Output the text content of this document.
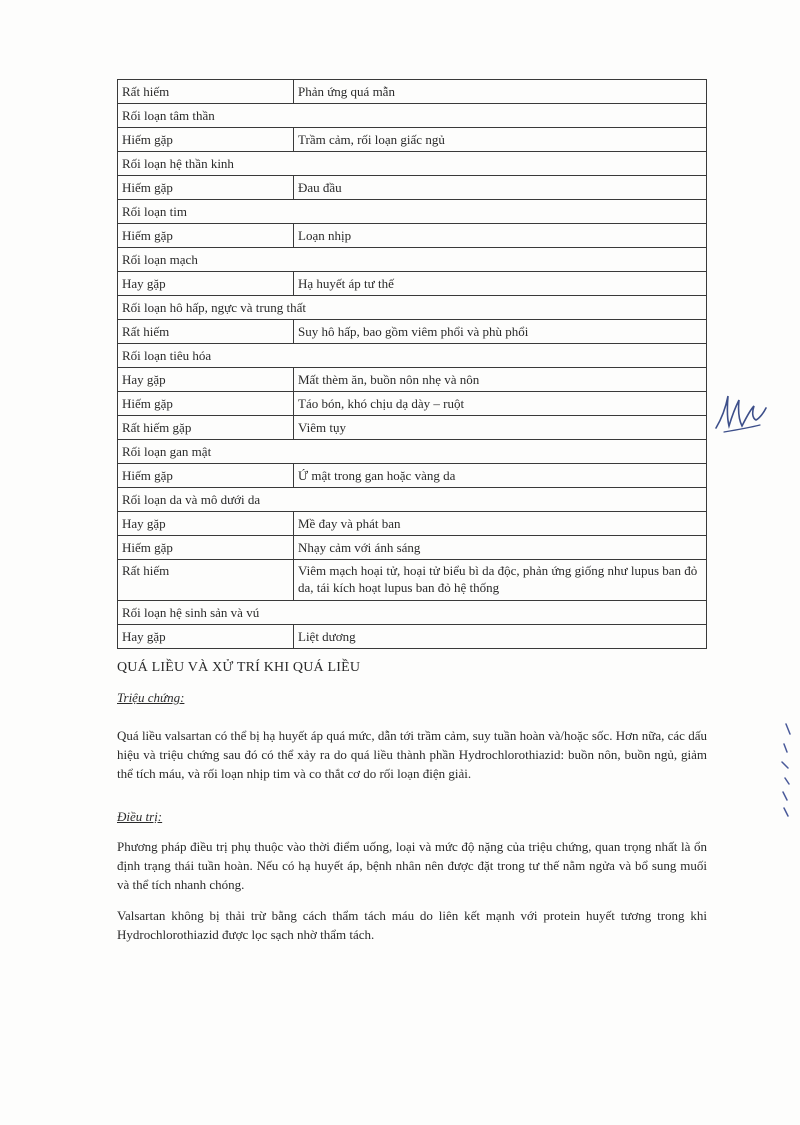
Rất hiếm	Phản ứng quá mẫn
Rối loạn tâm thần	
Hiếm gặp	Trầm cảm, rối loạn giấc ngủ
Rối loạn hệ thần kinh	
Hiếm gặp	Đau đầu
Rối loạn tim	
Hiếm gặp	Loạn nhịp
Rối loạn mạch	
Hay gặp	Hạ huyết áp tư thế
Rối loạn hô hấp, ngực và trung thất	
Rất hiếm	Suy hô hấp, bao gồm viêm phổi và phù phổi
Rối loạn tiêu hóa	
Hay gặp	Mất thèm ăn, buồn nôn nhẹ và nôn
Hiếm gặp	Táo bón, khó chịu dạ dày – ruột
Rất hiếm gặp	Viêm tụy
Rối loạn gan mật	
Hiếm gặp	Ứ mật trong gan hoặc vàng da
Rối loạn da và mô dưới da	
Hay gặp	Mề đay và phát ban
Hiếm gặp	Nhạy cảm với ánh sáng
Rất hiếm	Viêm mạch hoại tử, hoại tử biểu bì da độc, phản ứng giống như lupus ban đỏ da, tái kích hoạt lupus ban đỏ hệ thống
Rối loạn hệ sinh sản và vú	
Hay gặp	Liệt dương
QUÁ LIỀU VÀ XỬ TRÍ KHI QUÁ LIỀU

Triệu chứng:

Quá liều valsartan có thể bị hạ huyết áp quá mức, dẫn tới trầm cảm, suy tuần hoàn và/hoặc sốc. Hơn nữa, các dấu hiệu và triệu chứng sau đó có thể xảy ra do quá liều thành phần Hydrochlorothiazid: buồn nôn, buồn ngủ, giảm thể tích máu, và rối loạn nhịp tim và co thắt cơ do rối loạn điện giải.

Điều trị:

Phương pháp điều trị phụ thuộc vào thời điểm uống, loại và mức độ nặng của triệu chứng, quan trọng nhất là ổn định trạng thái tuần hoàn. Nếu có hạ huyết áp, bệnh nhân nên được đặt trong tư thế nằm ngửa và bổ sung muối và thể tích nhanh chóng.

Valsartan không bị thải trừ bằng cách thẩm tách máu do liên kết mạnh với protein huyết tương trong khi Hydrochlorothiazid được lọc sạch nhờ thẩm tách.
